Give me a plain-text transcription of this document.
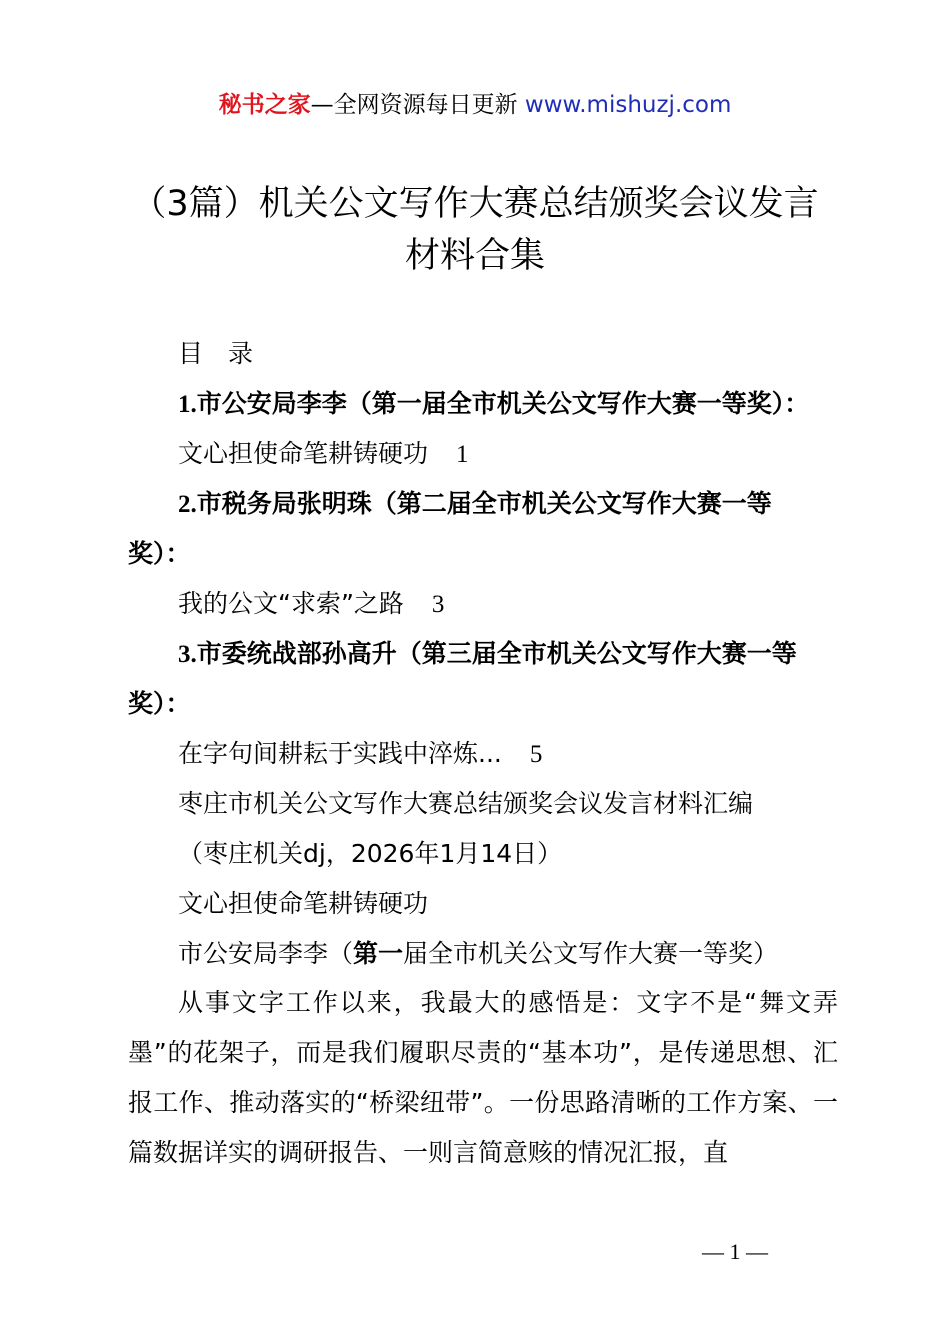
秘书之家—全网资源每日更新 www.mishuzj.com
（3篇）机关公文写作大赛总结颁奖会议发言
材料合集
目　录
1.市公安局李李（第一届全市机关公文写作大赛一等奖）：
文心担使命笔耕铸硬功 1
2.市税务局张明珠（第二届全市机关公文写作大赛一等
奖）：
我的公文“求索”之路 3
3.市委统战部孙高升（第三届全市机关公文写作大赛一等
奖）：
在字句间耕耘于实践中淬炼... 5
枣庄市机关公文写作大赛总结颁奖会议发言材料汇编
（枣庄机关dj，2026年1月14日）
文心担使命笔耕铸硬功
市公安局李李（第一届全市机关公文写作大赛一等奖）
从事文字工作以来，我最大的感悟是：文字不是“舞文弄墨”的花架子，而是我们履职尽责的“基本功”，是传递思想、汇报工作、推动落实的“桥梁纽带”。一份思路清晰的工作方案、一篇数据详实的调研报告、一则言简意赅的情况汇报，直
— 1 —
